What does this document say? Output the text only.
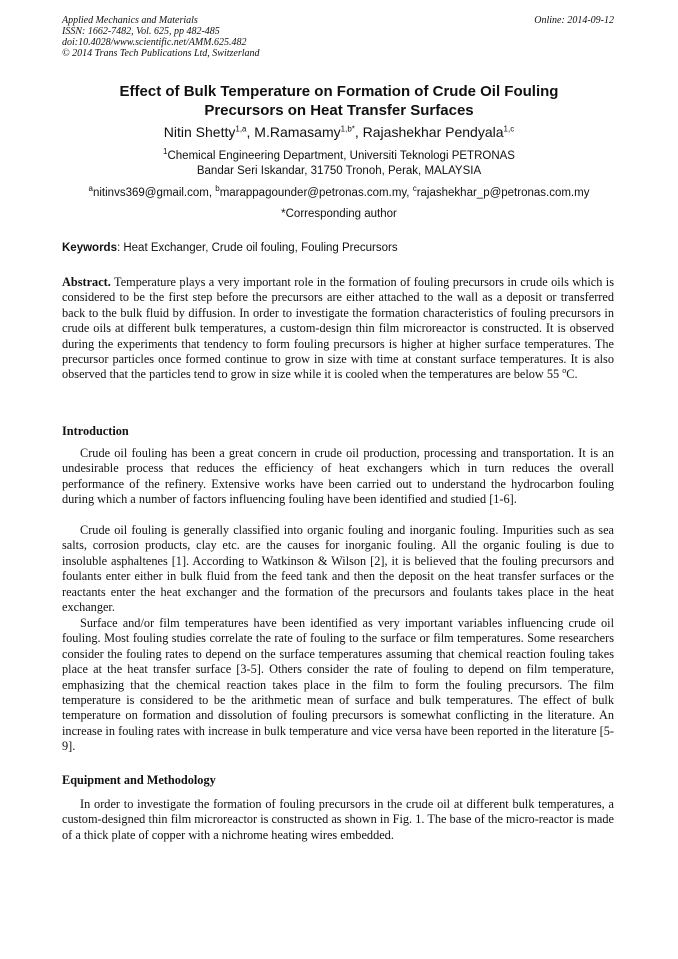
Applied Mechanics and Materials
ISSN: 1662-7482, Vol. 625, pp 482-485
doi:10.4028/www.scientific.net/AMM.625.482
© 2014 Trans Tech Publications Ltd, Switzerland
Online: 2014-09-12
Effect of Bulk Temperature on Formation of Crude Oil Fouling
Precursors on Heat Transfer Surfaces
Nitin Shetty$^{1,a}$, M.Ramasamy$^{1,b*}$, Rajashekhar Pendyala$^{1,c}$
$^1$Chemical Engineering Department, Universiti Teknologi PETRONAS
Bandar Seri Iskandar, 31750 Tronoh, Perak, MALAYSIA
$^a$nitinvs369@gmail.com, $^b$marappagounder@petronas.com.my, $^c$rajashekhar_p@petronas.com.my
*Corresponding author
Keywords: Heat Exchanger, Crude oil fouling, Fouling Precursors

Abstract. Temperature plays a very important role in the formation of fouling precursors in crude oils which is considered to be the first step before the precursors are either attached to the wall as a deposit or transferred back to the bulk fluid by diffusion. In order to investigate the formation characteristics of fouling precursors in crude oils at different bulk temperatures, a custom-design thin film microreactor is constructed. It is observed during the experiments that tendency to form fouling precursors is higher at higher surface temperatures. The precursor particles once formed continue to grow in size with time at constant surface temperatures. It is also observed that the particles tend to grow in size while it is cooled when the temperatures are below 55 $^o$C.

Introduction

Crude oil fouling has been a great concern in crude oil production, processing and transportation. It is an undesirable process that reduces the efficiency of heat exchangers which in turn reduces the overall performance of the refinery. Extensive works have been carried out to understand the hydrocarbon fouling during which a number of factors influencing fouling have been identified and studied [1-6].

Crude oil fouling is generally classified into organic fouling and inorganic fouling. Impurities such as sea salts, corrosion products, clay etc. are the causes for inorganic fouling. All the organic fouling is due to insoluble asphaltenes [1]. According to Watkinson & Wilson [2], it is believed that the fouling precursors and foulants enter either in bulk fluid from the feed tank and then the deposit on the heat transfer surfaces or the reactants enter the heat exchanger and the formation of the precursors and foulants takes place in the heat exchanger.

Surface and/or film temperatures have been identified as very important variables influencing crude oil fouling. Most fouling studies correlate the rate of fouling to the surface or film temperatures. Some researchers consider the fouling rates to depend on the surface temperatures assuming that chemical reaction fouling takes place at the heat transfer surface [3-5]. Others consider the rate of fouling to depend on film temperature, emphasizing that the chemical reaction takes place in the film to form the fouling precursors. The film temperature is considered to be the arithmetic mean of surface and bulk temperatures. The effect of bulk temperature on formation and dissolution of fouling precursors is somewhat conflicting in the literature. An increase in fouling rates with increase in bulk temperature and vice versa have been reported in the literature [5-9].

Equipment and Methodology

In order to investigate the formation of fouling precursors in the crude oil at different bulk temperatures, a custom-designed thin film microreactor is constructed as shown in Fig. 1. The base of the micro-reactor is made of a thick plate of copper with a nichrome heating wires embedded.
